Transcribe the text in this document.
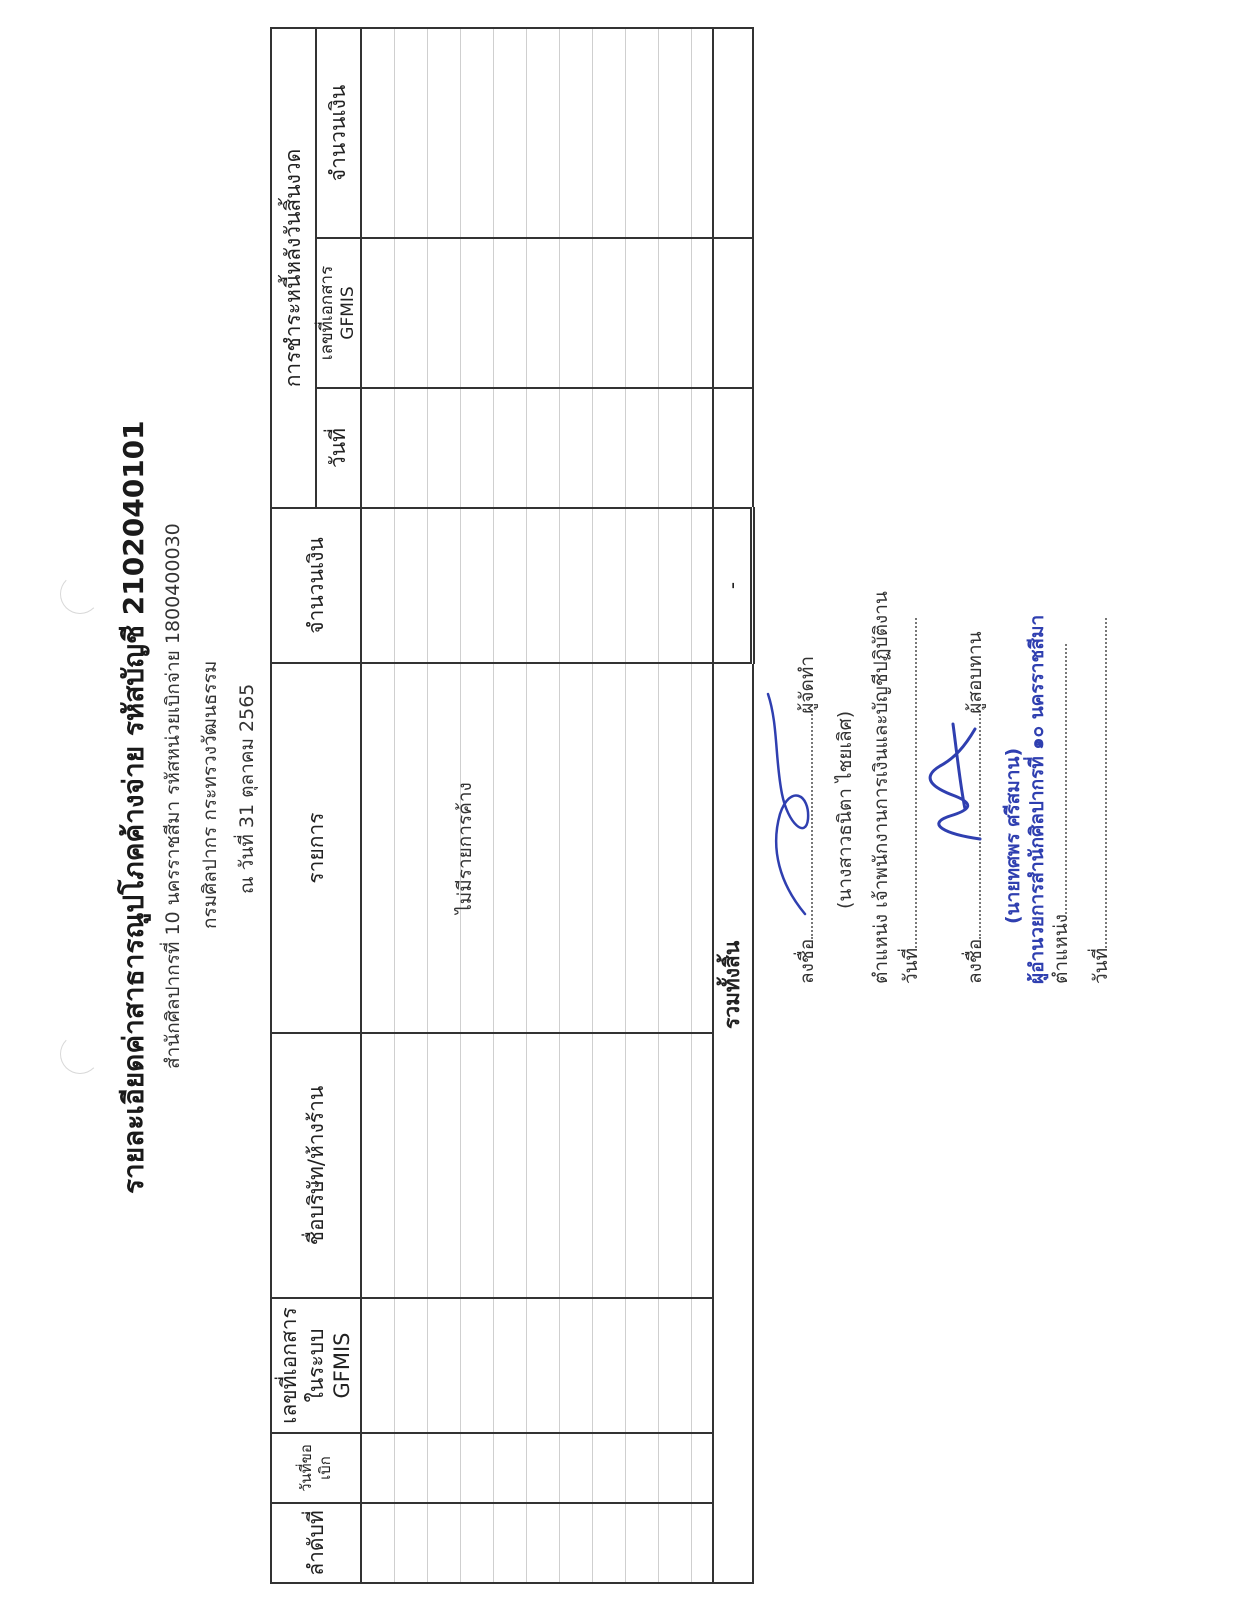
รายละเอียดค่าสาธารณูปโภคค้างจ่าย รหัสบัญชี 2102040101 สำนักศิลปากรที่ 10 นครราชสีมา รหัสหน่วยเบิกจ่าย 1800400030 กรมศิลปากร กระทรวงวัฒนธรรม ณ วันที่ 31 ตุลาคม 2565
ลำดับที่	วันที่ขอเบิก	เลขที่เอกสาร ในระบบ GFMIS	ชื่อบริษัท/ห้างร้าน	รายการ	จำนวนเงิน	การชำระหนี้หลังวันสิ้นงวด		
						วันที่	เลขที่เอกสาร GFMIS	จำนวนเงิน

				ไม่มีรายการค้าง				

				รวมทั้งสิ้น	-			
ลงชื่อผู้จัดทำ
(นางสาวธนิตา ไชยเลิศ) ตำแหน่ง เจ้าพนักงานการเงินและบัญชีปฏิบัติงาน วันที่ ลงชื่อผู้สอบทาน
(นายทศพร ศรีสมาน) ผู้อำนวยการสำนักศิลปากรที่ ๑๐ นครราชสีมา ตำแหน่ง วันที่
